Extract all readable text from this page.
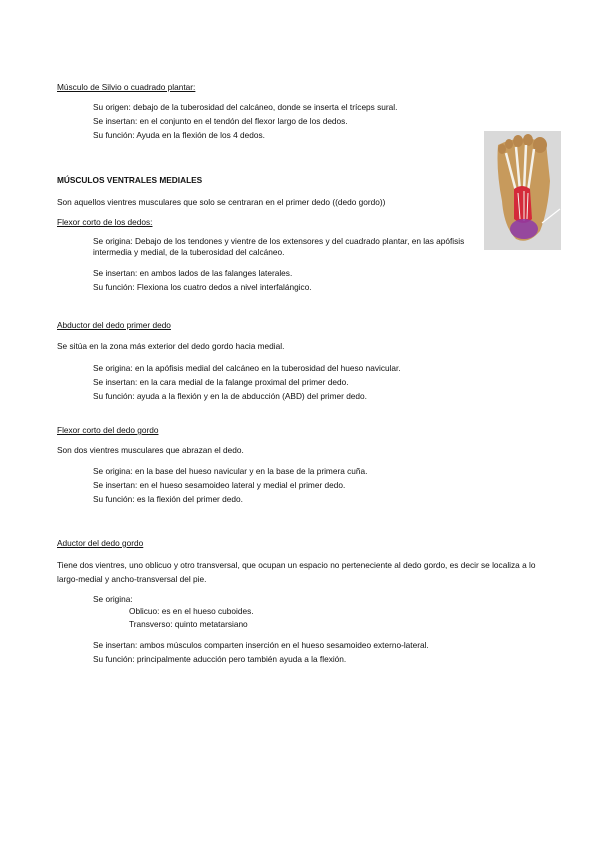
Músculo de Silvio o cuadrado plantar:
Su origen: debajo de la tuberosidad del calcáneo, donde se inserta el tríceps sural.
Se insertan: en el conjunto en el tendón del flexor largo de los dedos.
Su función: Ayuda en la flexión de los 4 dedos.
MÚSCULOS VENTRALES MEDIALES
Son aquellos vientres musculares que solo se centraran en el primer dedo ((dedo gordo))
Flexor corto de los dedos:
Se origina: Debajo de los tendones y vientre de los extensores y del cuadrado plantar, en las apófisis intermedia y medial, de la tuberosidad del calcáneo.
Se insertan: en ambos lados de las falanges laterales.
Su función: Flexiona los cuatro dedos a nivel interfalángico.
Abductor del dedo primer dedo
Se sitúa en la zona más exterior del dedo gordo hacia medial.
Se origina: en la apófisis medial del calcáneo en la tuberosidad del hueso navicular.
Se insertan: en la cara medial de la falange proximal del primer dedo.
Su función: ayuda a la flexión y en la de abducción (ABD) del primer dedo.
Flexor corto del dedo gordo
Son dos vientres musculares que abrazan el dedo.
Se origina: en la base del hueso navicular y en la base de la primera cuña.
Se insertan: en el hueso sesamoideo lateral y medial el primer dedo.
Su función: es la flexión del primer dedo.
Aductor del dedo gordo
Tiene dos vientres, uno oblicuo y otro transversal, que ocupan un espacio no perteneciente al dedo gordo, es decir se localiza a lo largo-medial y ancho-transversal del pie.
Se origina:
Oblicuo: es en el hueso cuboides.
Transverso: quinto metatarsiano
Se insertan: ambos músculos comparten inserción en el hueso sesamoideo externo-lateral.
Su función: principalmente aducción pero también ayuda a la flexión.
